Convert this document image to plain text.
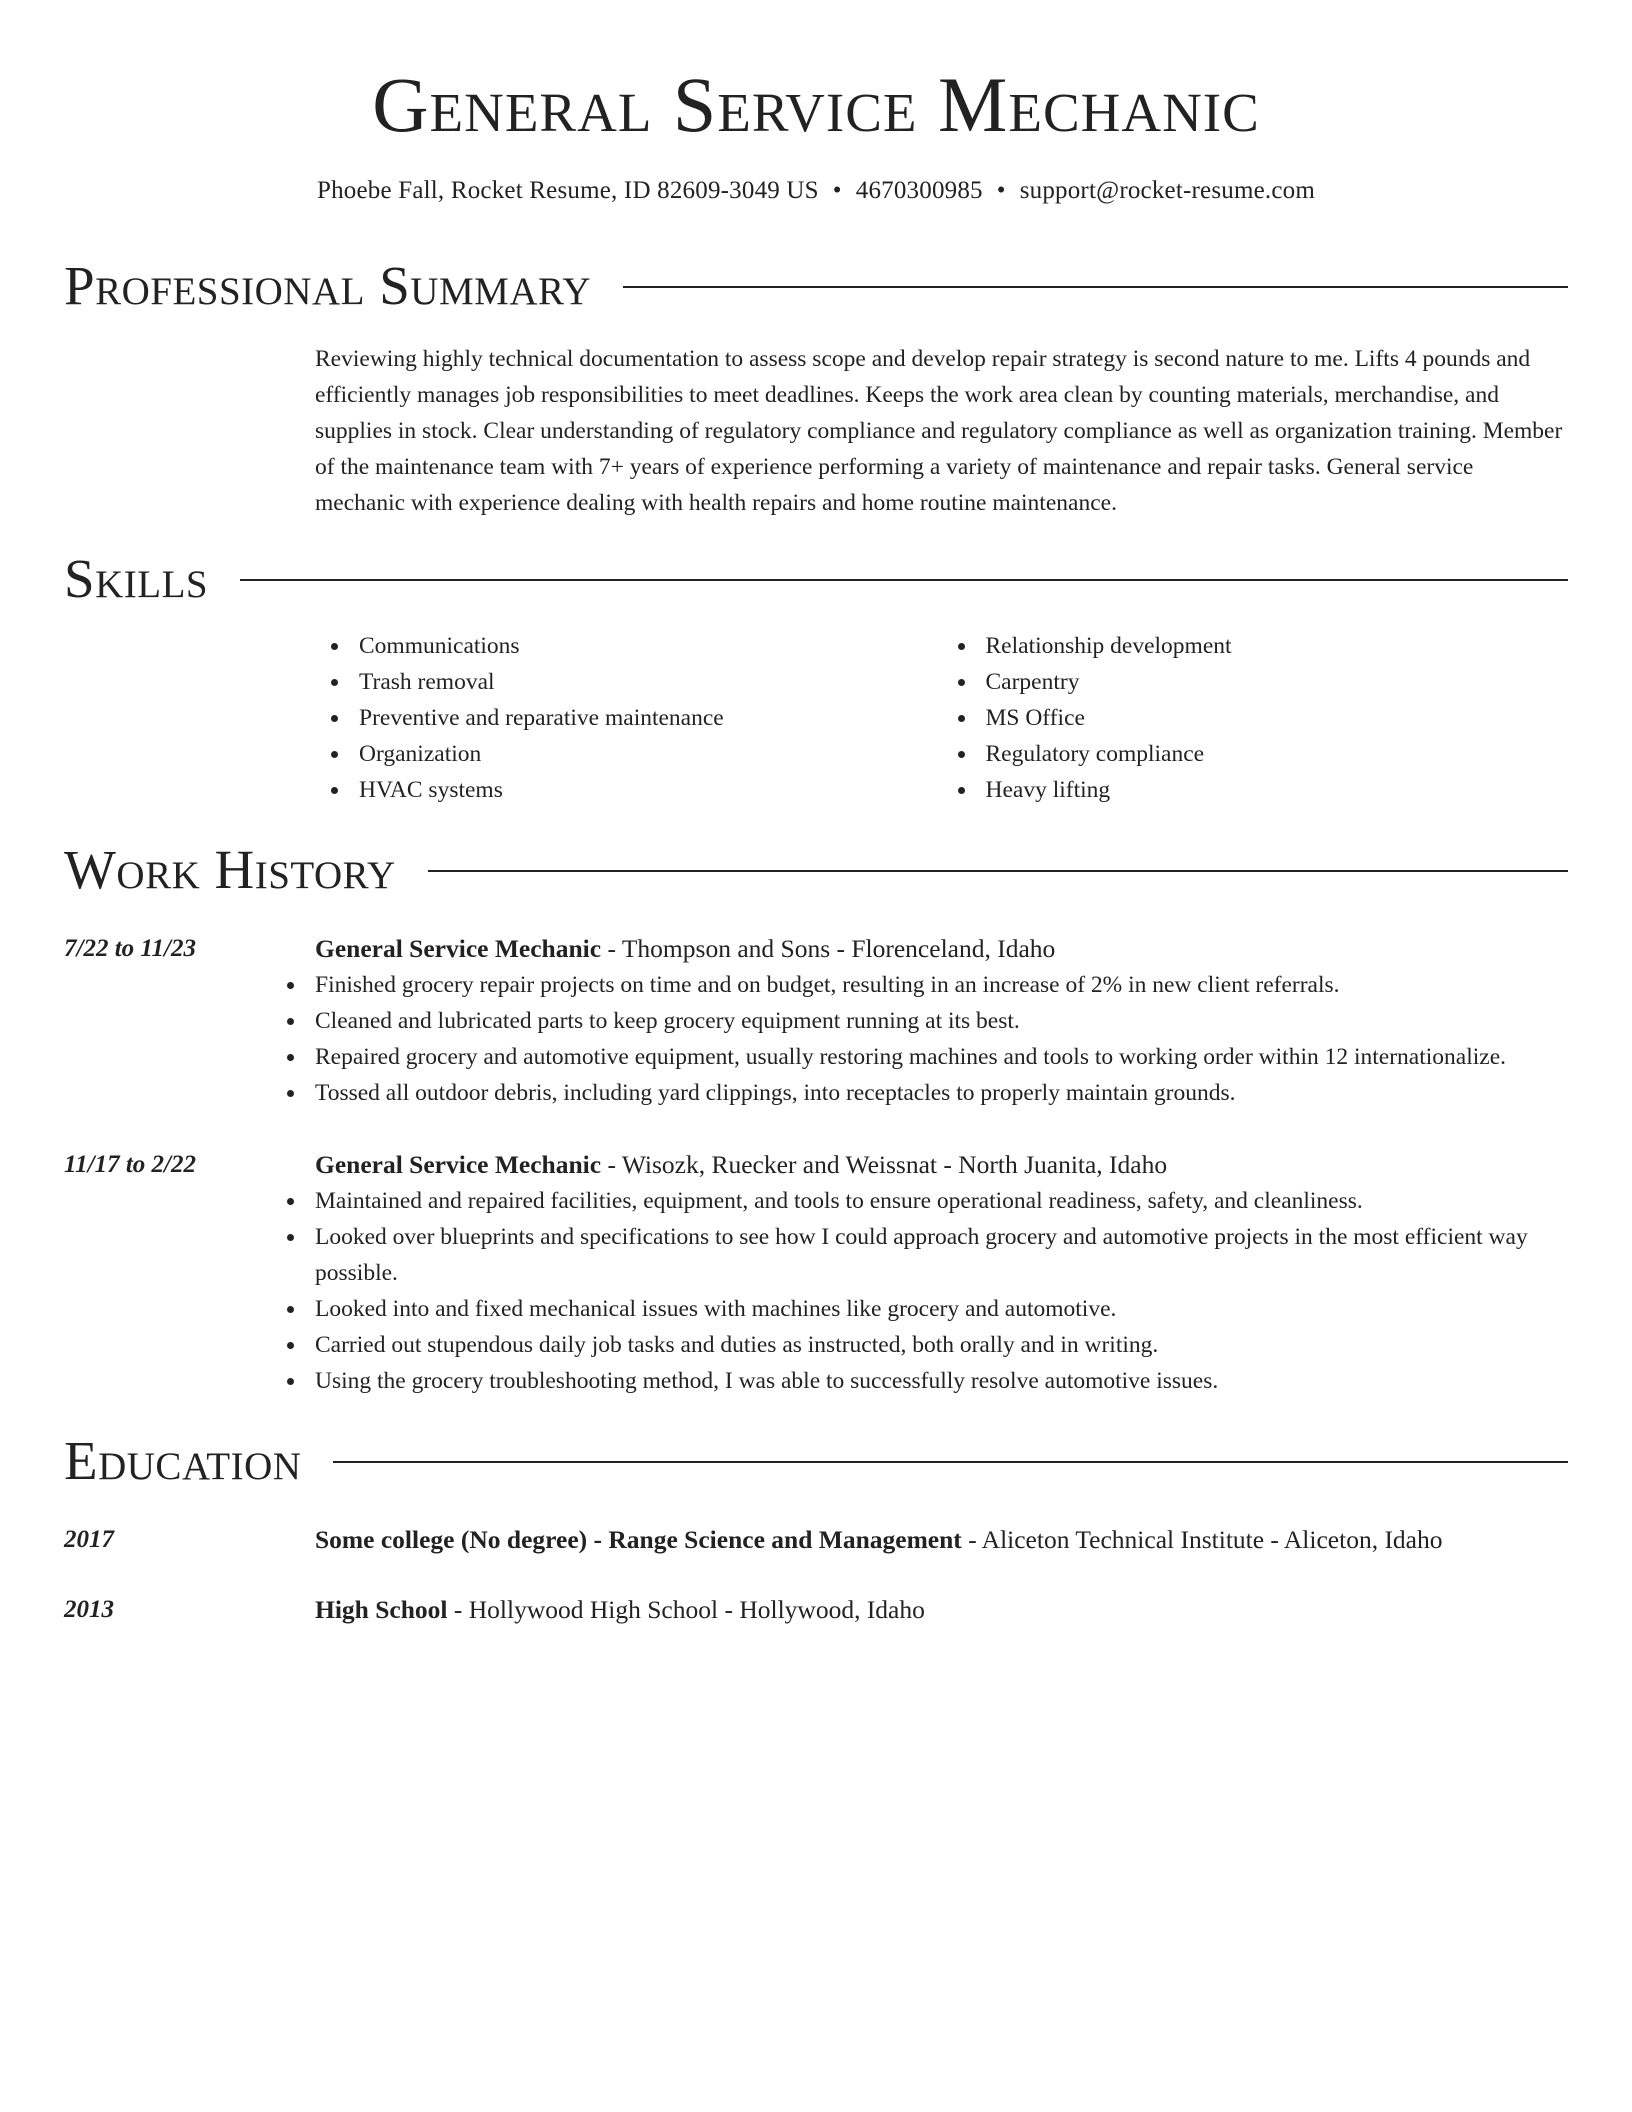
General Service Mechanic
Phoebe Fall, Rocket Resume, ID 82609-3049 US • 4670300985 • support@rocket-resume.com
Professional Summary
Reviewing highly technical documentation to assess scope and develop repair strategy is second nature to me. Lifts 4 pounds and efficiently manages job responsibilities to meet deadlines. Keeps the work area clean by counting materials, merchandise, and supplies in stock. Clear understanding of regulatory compliance and regulatory compliance as well as organization training. Member of the maintenance team with 7+ years of experience performing a variety of maintenance and repair tasks. General service mechanic with experience dealing with health repairs and home routine maintenance.
Skills
Communications
Trash removal
Preventive and reparative maintenance
Organization
HVAC systems
Relationship development
Carpentry
MS Office
Regulatory compliance
Heavy lifting
Work History
7/22 to 11/23	General Service Mechanic - Thompson and Sons - Florenceland, Idaho
Finished grocery repair projects on time and on budget, resulting in an increase of 2% in new client referrals.
Cleaned and lubricated parts to keep grocery equipment running at its best.
Repaired grocery and automotive equipment, usually restoring machines and tools to working order within 12 internationalize.
Tossed all outdoor debris, including yard clippings, into receptacles to properly maintain grounds.
11/17 to 2/22	General Service Mechanic - Wisozk, Ruecker and Weissnat - North Juanita, Idaho
Maintained and repaired facilities, equipment, and tools to ensure operational readiness, safety, and cleanliness.
Looked over blueprints and specifications to see how I could approach grocery and automotive projects in the most efficient way possible.
Looked into and fixed mechanical issues with machines like grocery and automotive.
Carried out stupendous daily job tasks and duties as instructed, both orally and in writing.
Using the grocery troubleshooting method, I was able to successfully resolve automotive issues.
Education
2017	Some college (No degree) - Range Science and Management - Aliceton Technical Institute - Aliceton, Idaho
2013	High School - Hollywood High School - Hollywood, Idaho
